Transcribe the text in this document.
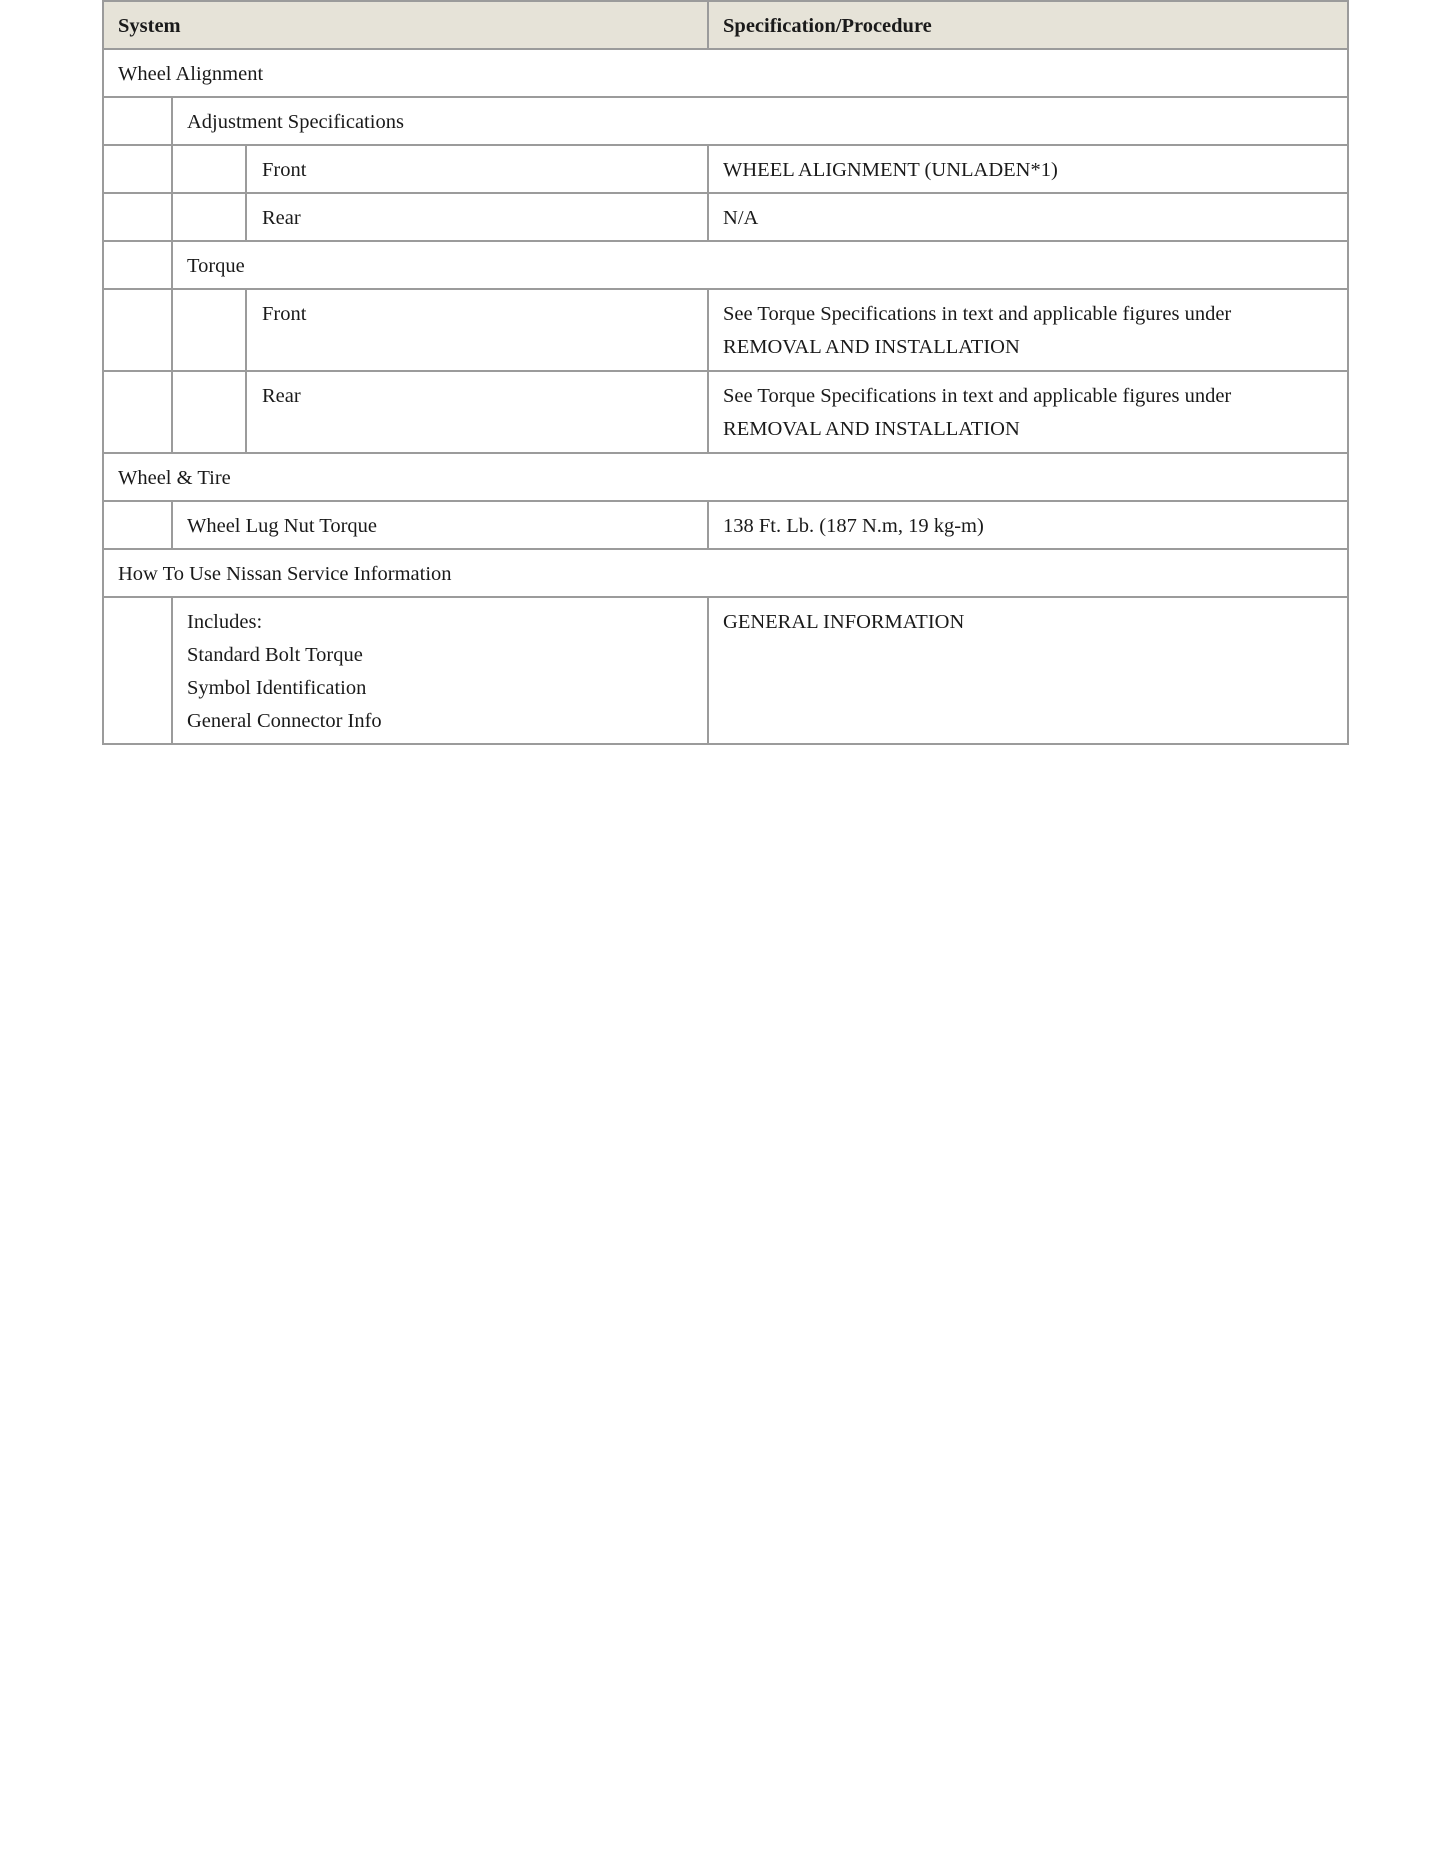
System			Specification/Procedure
Wheel Alignment			
	Adjustment Specifications		
		Front	WHEEL ALIGNMENT (UNLADEN*1)
		Rear	N/A
	Torque		
		Front	See Torque Specifications in text and applicable figures under
REMOVAL AND INSTALLATION

		Rear	See Torque Specifications in text and applicable figures under
REMOVAL AND INSTALLATION

Wheel & Tire			
	Wheel Lug Nut Torque		138 Ft. Lb. (187 N.m, 19 kg-m)
How To Use Nissan Service Information			

	Includes:
Standard Bolt Torque
Symbol Identification
General Connector Info		GENERAL INFORMATION
